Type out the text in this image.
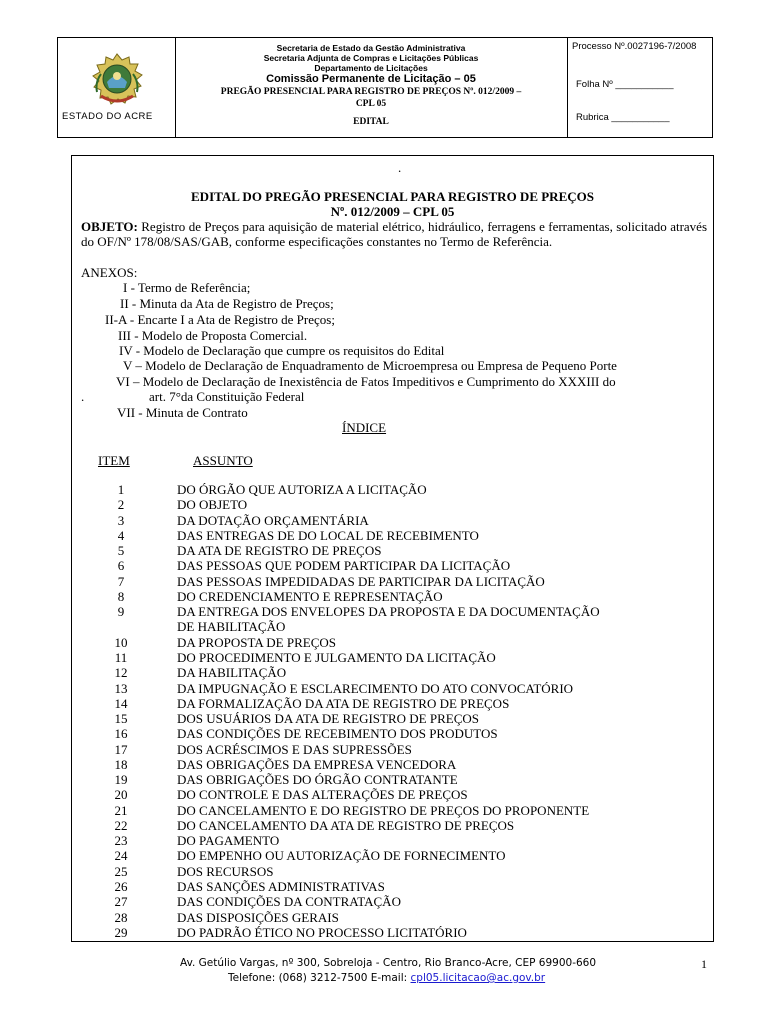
ESTADO DO ACRE
Secretaria de Estado da Gestão Administrativa
Secretaria Adjunta de Compras e Licitações Públicas
Departamento de Licitações
Comissão Permanente de Licitação – 05
PREGÃO PRESENCIAL PARA REGISTRO DE PREÇOS Nº. 012/2009 –
CPL 05
EDITAL
Processo Nº.0027196-7/2008
Folha Nº ___________
Rubrica ___________
.
EDITAL DO PREGÃO PRESENCIAL PARA REGISTRO DE PREÇOS
Nº. 012/2009 – CPL 05
OBJETO: Registro de Preços para aquisição de material elétrico, hidráulico, ferragens e ferramentas, solicitado através do OF/Nº 178/08/SAS/GAB, conforme especificações constantes no Termo de Referência.
ANEXOS:
I - Termo de Referência;
II - Minuta da Ata de Registro de Preços;
II-A - Encarte I a Ata de Registro de Preços;
III - Modelo de Proposta Comercial.
IV - Modelo de Declaração que cumpre os requisitos do Edital
V – Modelo de Declaração de Enquadramento de Microempresa ou Empresa de Pequeno Porte
VI – Modelo de Declaração de Inexistência de Fatos Impeditivos e Cumprimento do XXXIII do
.	art. 7°da Constituição Federal
VII - Minuta de Contrato
ÍNDICE
ITEM	ASSUNTO
1	DO ÓRGÃO QUE AUTORIZA A LICITAÇÃO
2	DO OBJETO
3	DA DOTAÇÃO ORÇAMENTÁRIA
4	DAS ENTREGAS DE DO LOCAL DE RECEBIMENTO
5	DA ATA DE REGISTRO DE PREÇOS
6	DAS PESSOAS QUE PODEM PARTICIPAR DA LICITAÇÃO
7	DAS PESSOAS IMPEDIDADAS DE PARTICIPAR DA LICITAÇÃO
8	DO CREDENCIAMENTO E REPRESENTAÇÃO
9	DA ENTREGA DOS ENVELOPES DA PROPOSTA E DA DOCUMENTAÇÃO
DE HABILITAÇÃO
10	DA PROPOSTA DE PREÇOS
11	DO PROCEDIMENTO E JULGAMENTO DA LICITAÇÃO
12	DA HABILITAÇÃO
13	DA IMPUGNAÇÃO E ESCLARECIMENTO DO ATO CONVOCATÓRIO
14	DA FORMALIZAÇÃO DA ATA DE REGISTRO DE PREÇOS
15	DOS USUÁRIOS DA ATA DE REGISTRO DE PREÇOS
16	DAS CONDIÇÕES DE RECEBIMENTO DOS PRODUTOS
17	DOS ACRÉSCIMOS E DAS SUPRESSÕES
18	DAS OBRIGAÇÕES DA EMPRESA VENCEDORA
19	DAS OBRIGAÇÕES DO ÓRGÃO CONTRATANTE
20	DO CONTROLE E DAS ALTERAÇÕES DE PREÇOS
21	DO CANCELAMENTO E DO REGISTRO DE PREÇOS DO PROPONENTE
22	DO CANCELAMENTO DA ATA DE REGISTRO DE PREÇOS
23	DO PAGAMENTO
24	DO EMPENHO OU AUTORIZAÇÃO DE FORNECIMENTO
25	DOS RECURSOS
26	DAS SANÇÕES ADMINISTRATIVAS
27	DAS CONDIÇÕES DA CONTRATAÇÃO
28	DAS DISPOSIÇÕES GERAIS
29	DO PADRÃO ÉTICO NO PROCESSO LICITATÓRIO
Av. Getúlio Vargas, nº 300, Sobreloja - Centro, Rio Branco-Acre, CEP 69900-660	1
Telefone: (068) 3212-7500 E-mail: cpl05.licitacao@ac.gov.br
